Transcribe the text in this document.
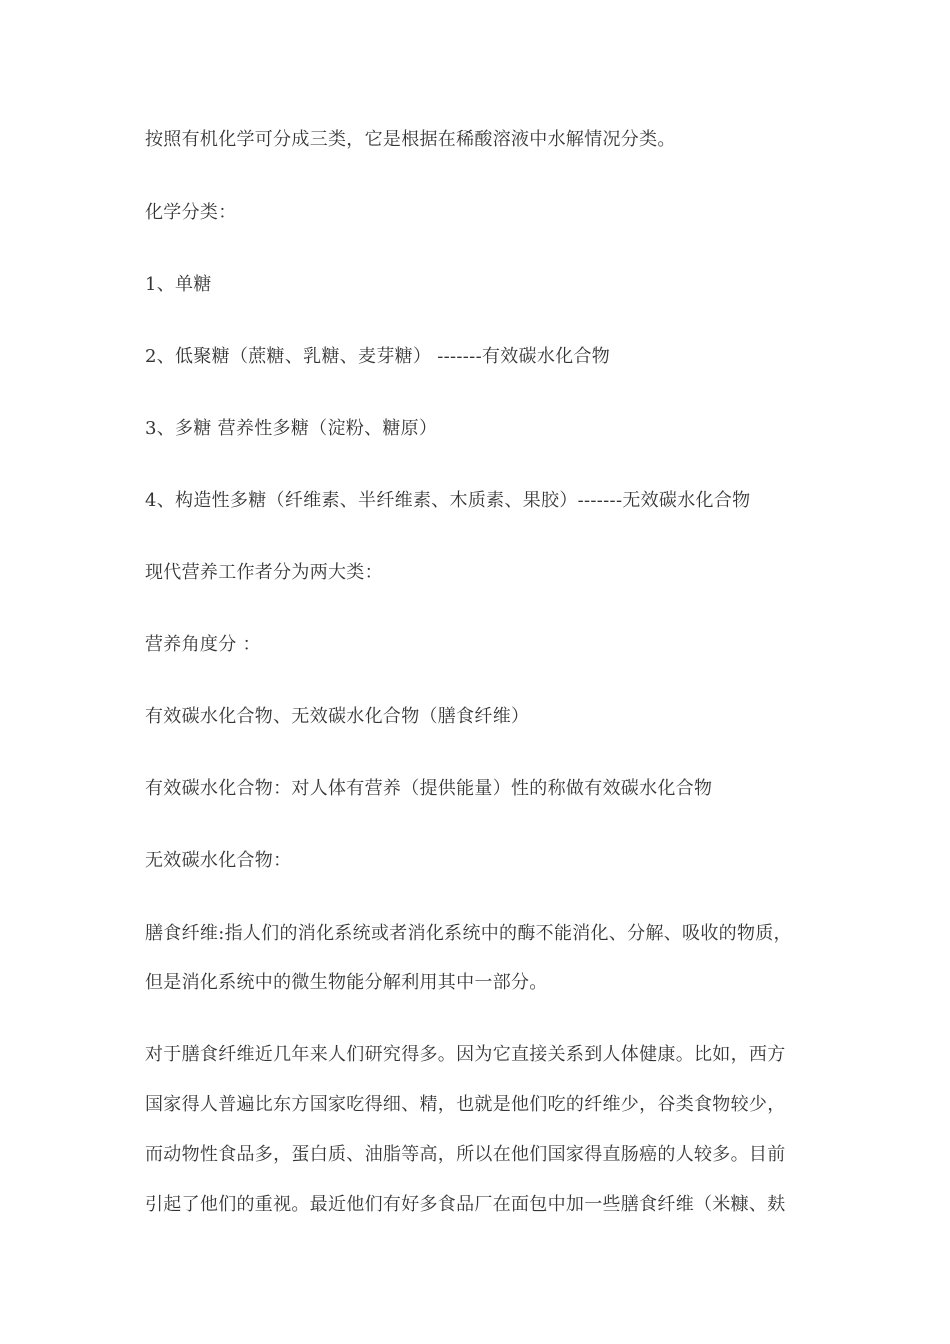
按照有机化学可分成三类，它是根据在稀酸溶液中水解情况分类。
化学分类：
1、单糖
2、低聚糖（蔗糖、乳糖、麦芽糖） -------有效碳水化合物
3、多糖 营养性多糖（淀粉、糖原）
4、构造性多糖（纤维素、半纤维素、木质素、果胶）-------无效碳水化合物
现代营养工作者分为两大类：
营养角度分 ：
有效碳水化合物、无效碳水化合物（膳食纤维）
有效碳水化合物：对人体有营养（提供能量）性的称做有效碳水化合物
无效碳水化合物：
膳食纤维:指人们的消化系统或者消化系统中的酶不能消化、分解、吸收的物质，
但是消化系统中的微生物能分解利用其中一部分。
对于膳食纤维近几年来人们研究得多。因为它直接关系到人体健康。比如，西方
国家得人普遍比东方国家吃得细、精，也就是他们吃的纤维少，谷类食物较少，
而动物性食品多，蛋白质、油脂等高，所以在他们国家得直肠癌的人较多。目前
引起了他们的重视。最近他们有好多食品厂在面包中加一些膳食纤维（米糠、麸
